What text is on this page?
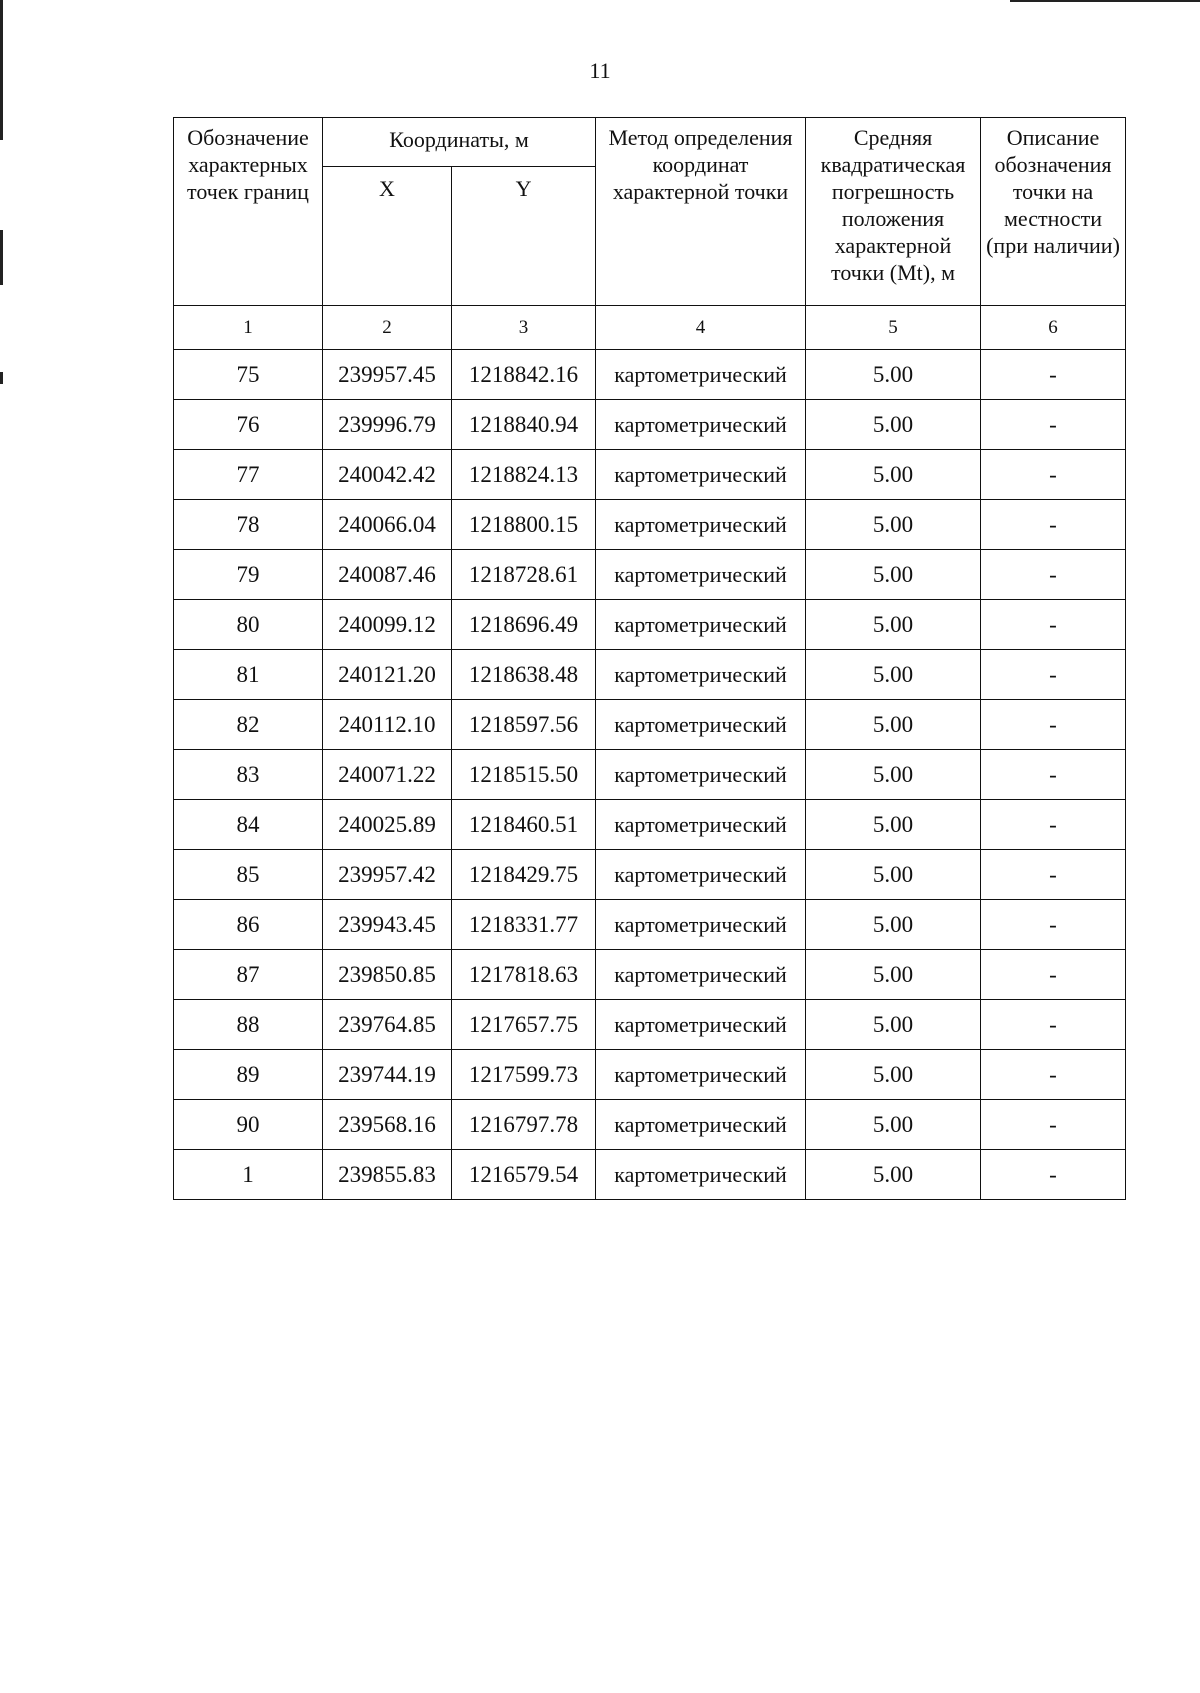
11
Обозначение характерных точек границ	Координаты, м		Метод определения координат характерной точки	Средняя квадратическая погрешность положения характерной точки (Mt), м	Описание обозначения точки на местности (при наличии)
	X	Y			
1	2	3	4	5	6
75	239957.45	1218842.16	картометрический	5.00	-
76	239996.79	1218840.94	картометрический	5.00	-
77	240042.42	1218824.13	картометрический	5.00	-
78	240066.04	1218800.15	картометрический	5.00	-
79	240087.46	1218728.61	картометрический	5.00	-
80	240099.12	1218696.49	картометрический	5.00	-
81	240121.20	1218638.48	картометрический	5.00	-
82	240112.10	1218597.56	картометрический	5.00	-
83	240071.22	1218515.50	картометрический	5.00	-
84	240025.89	1218460.51	картометрический	5.00	-
85	239957.42	1218429.75	картометрический	5.00	-
86	239943.45	1218331.77	картометрический	5.00	-
87	239850.85	1217818.63	картометрический	5.00	-
88	239764.85	1217657.75	картометрический	5.00	-
89	239744.19	1217599.73	картометрический	5.00	-
90	239568.16	1216797.78	картометрический	5.00	-
1	239855.83	1216579.54	картометрический	5.00	-
